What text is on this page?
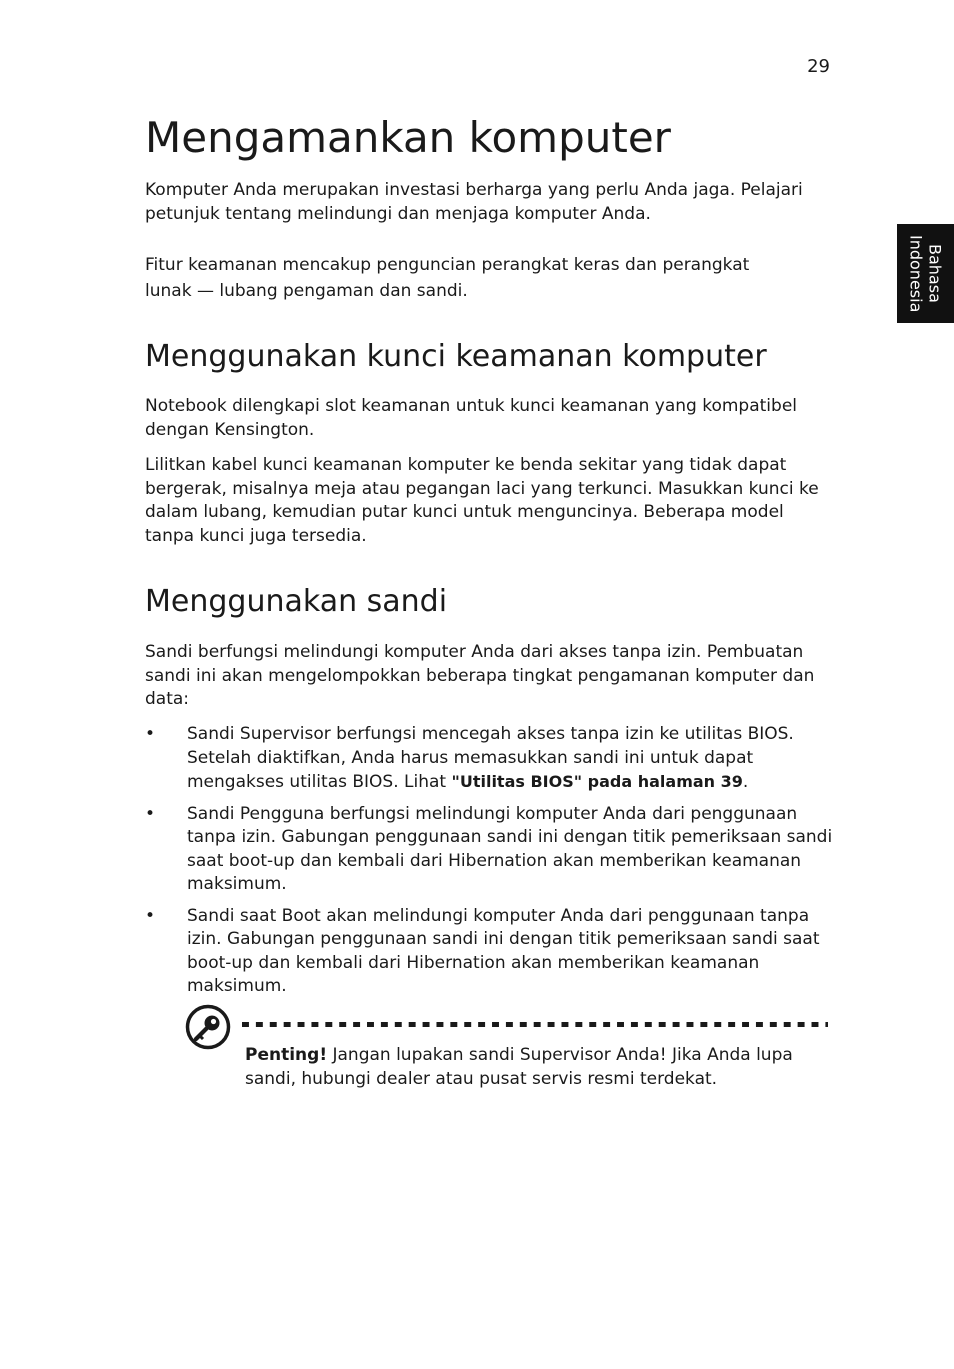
29
Bahasa
Indonesia
Mengamankan komputer

Komputer Anda merupakan investasi berharga yang perlu Anda jaga. Pelajari petunjuk tentang melindungi dan menjaga komputer Anda.

Fitur keamanan mencakup penguncian perangkat keras dan perangkat

lunak — lubang pengaman dan sandi.

Menggunakan kunci keamanan komputer

Notebook dilengkapi slot keamanan untuk kunci keamanan yang kompatibel dengan Kensington.

Lilitkan kabel kunci keamanan komputer ke benda sekitar yang tidak dapat bergerak, misalnya meja atau pegangan laci yang terkunci. Masukkan kunci ke dalam lubang, kemudian putar kunci untuk menguncinya. Beberapa model tanpa kunci juga tersedia.

Menggunakan sandi

Sandi berfungsi melindungi komputer Anda dari akses tanpa izin. Pembuatan sandi ini akan mengelompokkan beberapa tingkat pengamanan komputer dan data:

• Sandi Supervisor berfungsi mencegah akses tanpa izin ke utilitas BIOS. Setelah diaktifkan, Anda harus memasukkan sandi ini untuk dapat mengakses utilitas BIOS. Lihat "Utilitas BIOS" pada halaman 39.
• Sandi Pengguna berfungsi melindungi komputer Anda dari penggunaan tanpa izin. Gabungan penggunaan sandi ini dengan titik pemeriksaan sandi saat boot-up dan kembali dari Hibernation akan memberikan keamanan maksimum.
• Sandi saat Boot akan melindungi komputer Anda dari penggunaan tanpa izin. Gabungan penggunaan sandi ini dengan titik pemeriksaan sandi saat boot-up dan kembali dari Hibernation akan memberikan keamanan maksimum.
Penting! Jangan lupakan sandi Supervisor Anda! Jika Anda lupa sandi, hubungi dealer atau pusat servis resmi terdekat.
